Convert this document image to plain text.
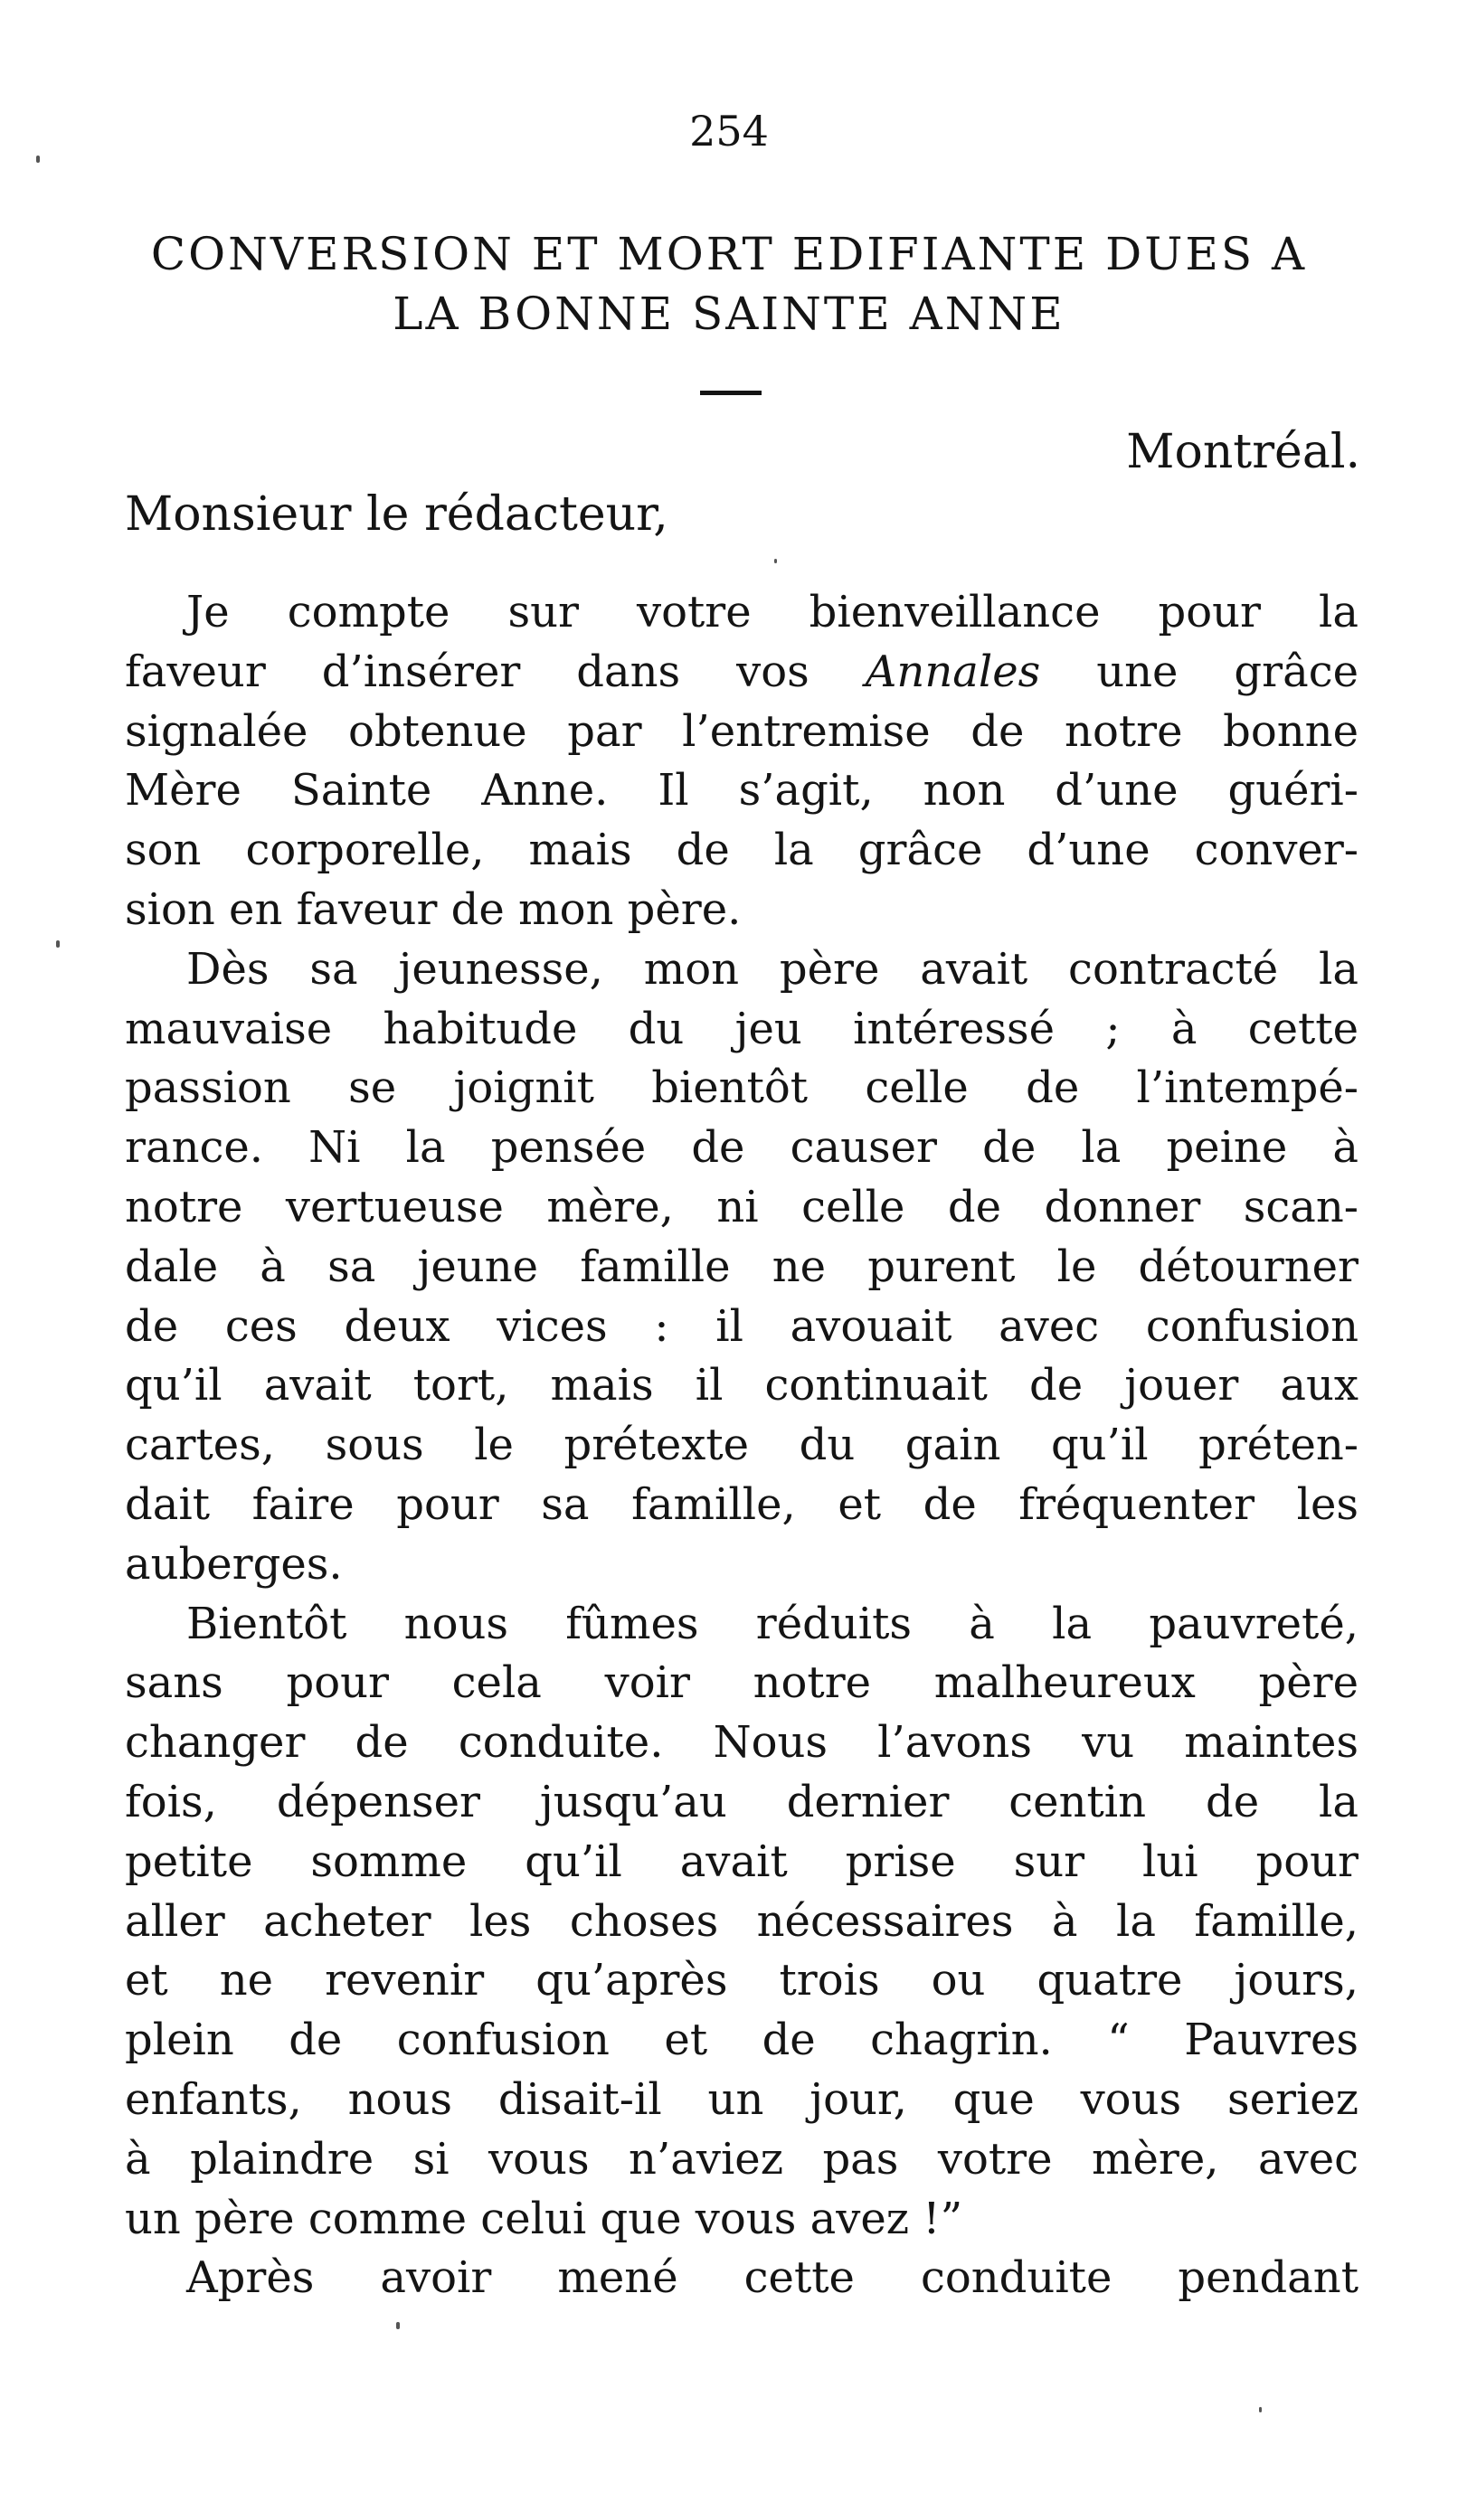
254
CONVERSION ET MORT EDIFIANTE DUES A
LA BONNE SAINTE ANNE
Montréal.
Monsieur le rédacteur,
Je compte sur votre bienveillance pour la
faveur d’insérer dans vos Annales une grâce
signalée obtenue par l’entremise de notre bonne
Mère Sainte Anne. Il s’agit, non d’une guéri-
son corporelle, mais de la grâce d’une conver-
sion en faveur de mon père.
Dès sa jeunesse, mon père avait contracté la
mauvaise habitude du jeu intéressé ; à cette
passion se joignit bientôt celle de l’intempé-
rance. Ni la pensée de causer de la peine à
notre vertueuse mère, ni celle de donner scan-
dale à sa jeune famille ne purent le détourner
de ces deux vices : il avouait avec confusion
qu’il avait tort, mais il continuait de jouer aux
cartes, sous le prétexte du gain qu’il préten-
dait faire pour sa famille, et de fréquenter les
auberges.
Bientôt nous fûmes réduits à la pauvreté,
sans pour cela voir notre malheureux père
changer de conduite. Nous l’avons vu maintes
fois, dépenser jusqu’au dernier centin de la
petite somme qu’il avait prise sur lui pour
aller acheter les choses nécessaires à la famille,
et ne revenir qu’après trois ou quatre jours,
plein de confusion et de chagrin. “ Pauvres
enfants, nous disait-il un jour, que vous seriez
à plaindre si vous n’aviez pas votre mère, avec
un père comme celui que vous avez !”
Après avoir mené cette conduite pendant
